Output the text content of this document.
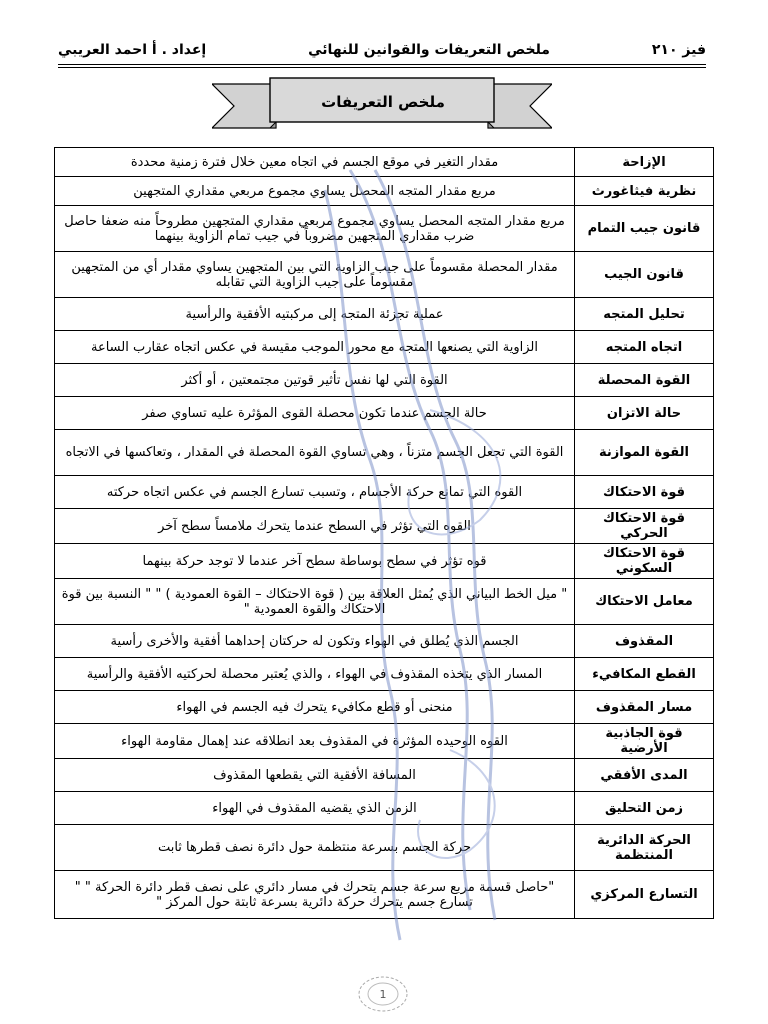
فيز ٢١٠
ملخص التعريفات والقوانين للنهائي
إعداد . أ احمد العريبي
ملخص التعريفات
الإزاحة	مقدار التغير في موقع الجسم في اتجاه معين خلال فترة زمنية محددة
نظرية فيثاغورث	مربع مقدار المتجه المحصل يساوي مجموع مربعي مقداري المتجهين
قانون جيب التمام	مربع مقدار المتجه المحصل يساوي مجموع مربعي مقداري المتجهين مطروحاً منه ضعفا حاصل ضرب مقداري المتجهين مضروباً في جيب تمام الزاوية بينهما
قانون الجيب	مقدار المحصلة مقسوماً على جيب الزاوية التي بين المتجهين يساوي مقدار أي من المتجهين مقسوماً على جيب الزاوية التي تقابله
تحليل المتجه	عملية تجزئة المتجه إلى مركبتيه الأفقية والرأسية
اتجاه المتجه	الزاوية التي يصنعها المتجه مع محور الموجب مقيسة في عكس اتجاه عقارب الساعة
القوة المحصلة	القوة التي لها نفس تأثير قوتين مجتمعتين ، أو أكثر
حالة الاتزان	حالة الجسم عندما تكون محصلة القوى المؤثرة عليه تساوي صفر
القوة الموازنة	القوة التي تجعل الجسم متزناً ، وهي تساوي القوة المحصلة في المقدار ، وتعاكسها في الاتجاه
قوة الاحتكاك	القوه التي تمانع حركة الأجسام ، وتسبب تسارع الجسم في عكس اتجاه حركته
قوة الاحتكاك الحركي	القوه التي تؤثر في السطح عندما يتحرك ملامساً سطح آخر
قوة الاحتكاك السكوني	قوه تؤثر في سطح بوساطة سطح آخر عندما لا توجد حركة بينهما
معامل الاحتكاك	" ميل الخط البياني الذي يُمثل العلاقة بين ( قوة الاحتكاك – القوة العمودية ) " " النسبة بين قوة الاحتكاك والقوة العمودية "
المقذوف	الجسم الذي يُطلق في الهواء وتكون له حركتان إحداهما أفقية والأخرى رأسية
القطع المكافيء	المسار الذي يتخذه المقذوف في الهواء ، والذي يُعتبر محصلة لحركتيه الأفقية والرأسية
مسار المقذوف	منحنى أو قطع مكافيء يتحرك فيه الجسم في الهواء
قوة الجاذبية الأرضية	القوه الوحيده المؤثرة في المقذوف بعد انطلاقه عند إهمال مقاومة الهواء
المدى الأفقي	المسافة الأفقية التي يقطعها المقذوف
زمن التحليق	الزمن الذي يقضيه المقذوف في الهواء
الحركة الدائرية المنتظمة	حركة الجسم بسرعة منتظمة حول دائرة نصف قطرها ثابت
التسارع المركزي	"حاصل قسمة مربع سرعة جسم يتحرك في مسار دائري على نصف قطر دائرة الحركة " " تسارع جسم يتحرك حركة دائرية بسرعة ثابتة حول المركز "
1
